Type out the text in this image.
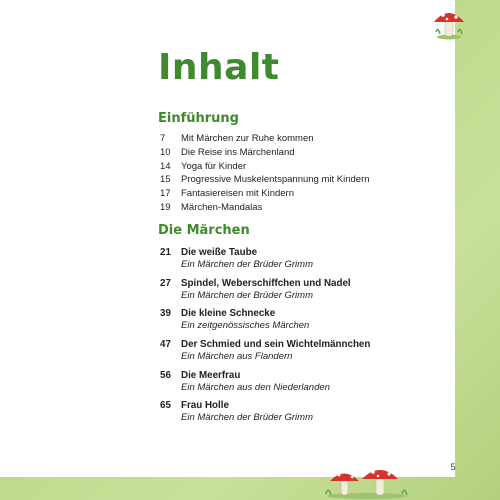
Inhalt
Einführung
7	Mit Märchen zur Ruhe kommen
10	Die Reise ins Märchenland
14	Yoga für Kinder
15	Progressive Muskelentspannung mit Kindern
17	Fantasiereisen mit Kindern
19	Märchen-Mandalas
Die Märchen
21	Die weiße Taube
Ein Märchen der Brüder Grimm
27	Spindel, Weberschiffchen und Nadel
Ein Märchen der Brüder Grimm
39	Die kleine Schnecke
Ein zeitgenössisches Märchen
47	Der Schmied und sein Wichtelmännchen
Ein Märchen aus Flandern
56	Die Meerfrau
Ein Märchen aus den Niederlanden
65	Frau Holle
Ein Märchen der Brüder Grimm
5
